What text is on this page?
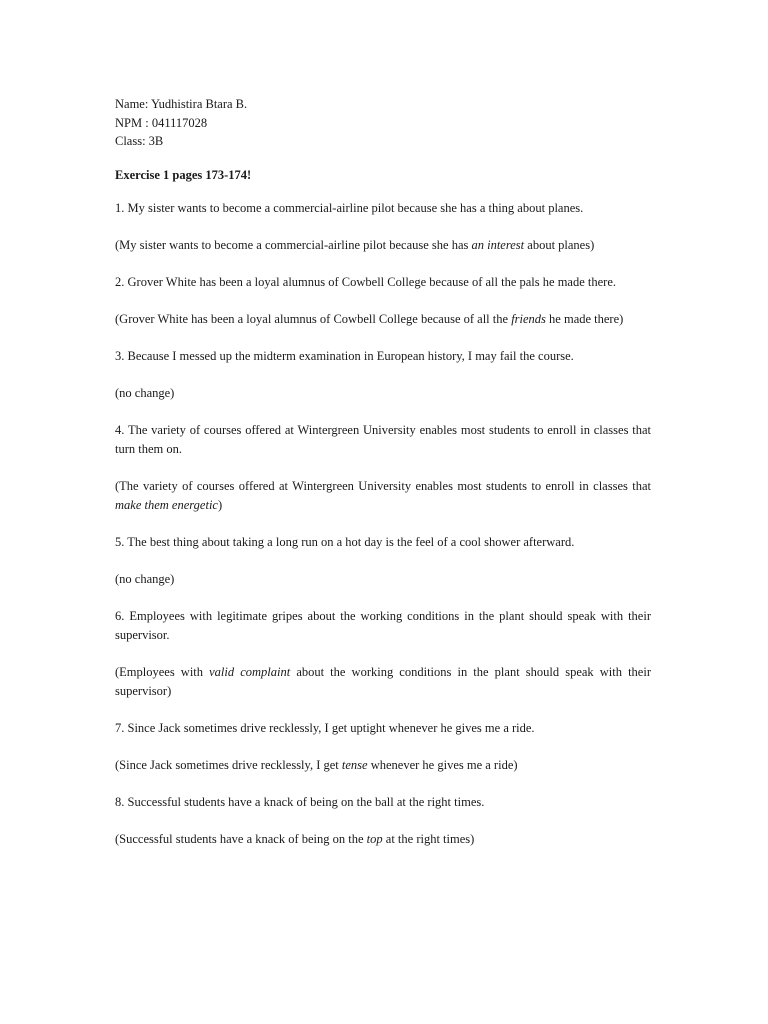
Name: Yudhistira Btara B.

NPM : 041117028

Class: 3B

Exercise 1 pages 173-174!

1. My sister wants to become a commercial-airline pilot because she has a thing about planes.

(My sister wants to become a commercial-airline pilot because she has an interest about planes)

2. Grover White has been a loyal alumnus of Cowbell College because of all the pals he made there.

(Grover White has been a loyal alumnus of Cowbell College because of all the friends he made there)

3. Because I messed up the midterm examination in European history, I may fail the course.

(no change)

4. The variety of courses offered at Wintergreen University enables most students to enroll in classes that turn them on.

(The variety of courses offered at Wintergreen University enables most students to enroll in classes that make them energetic)

5. The best thing about taking a long run on a hot day is the feel of a cool shower afterward.

(no change)

6. Employees with legitimate gripes about the working conditions in the plant should speak with their supervisor.

(Employees with valid complaint about the working conditions in the plant should speak with their supervisor)

7. Since Jack sometimes drive recklessly, I get uptight whenever he gives me a ride.

(Since Jack sometimes drive recklessly, I get tense whenever he gives me a ride)

8. Successful students have a knack of being on the ball at the right times.

(Successful students have a knack of being on the top at the right times)
